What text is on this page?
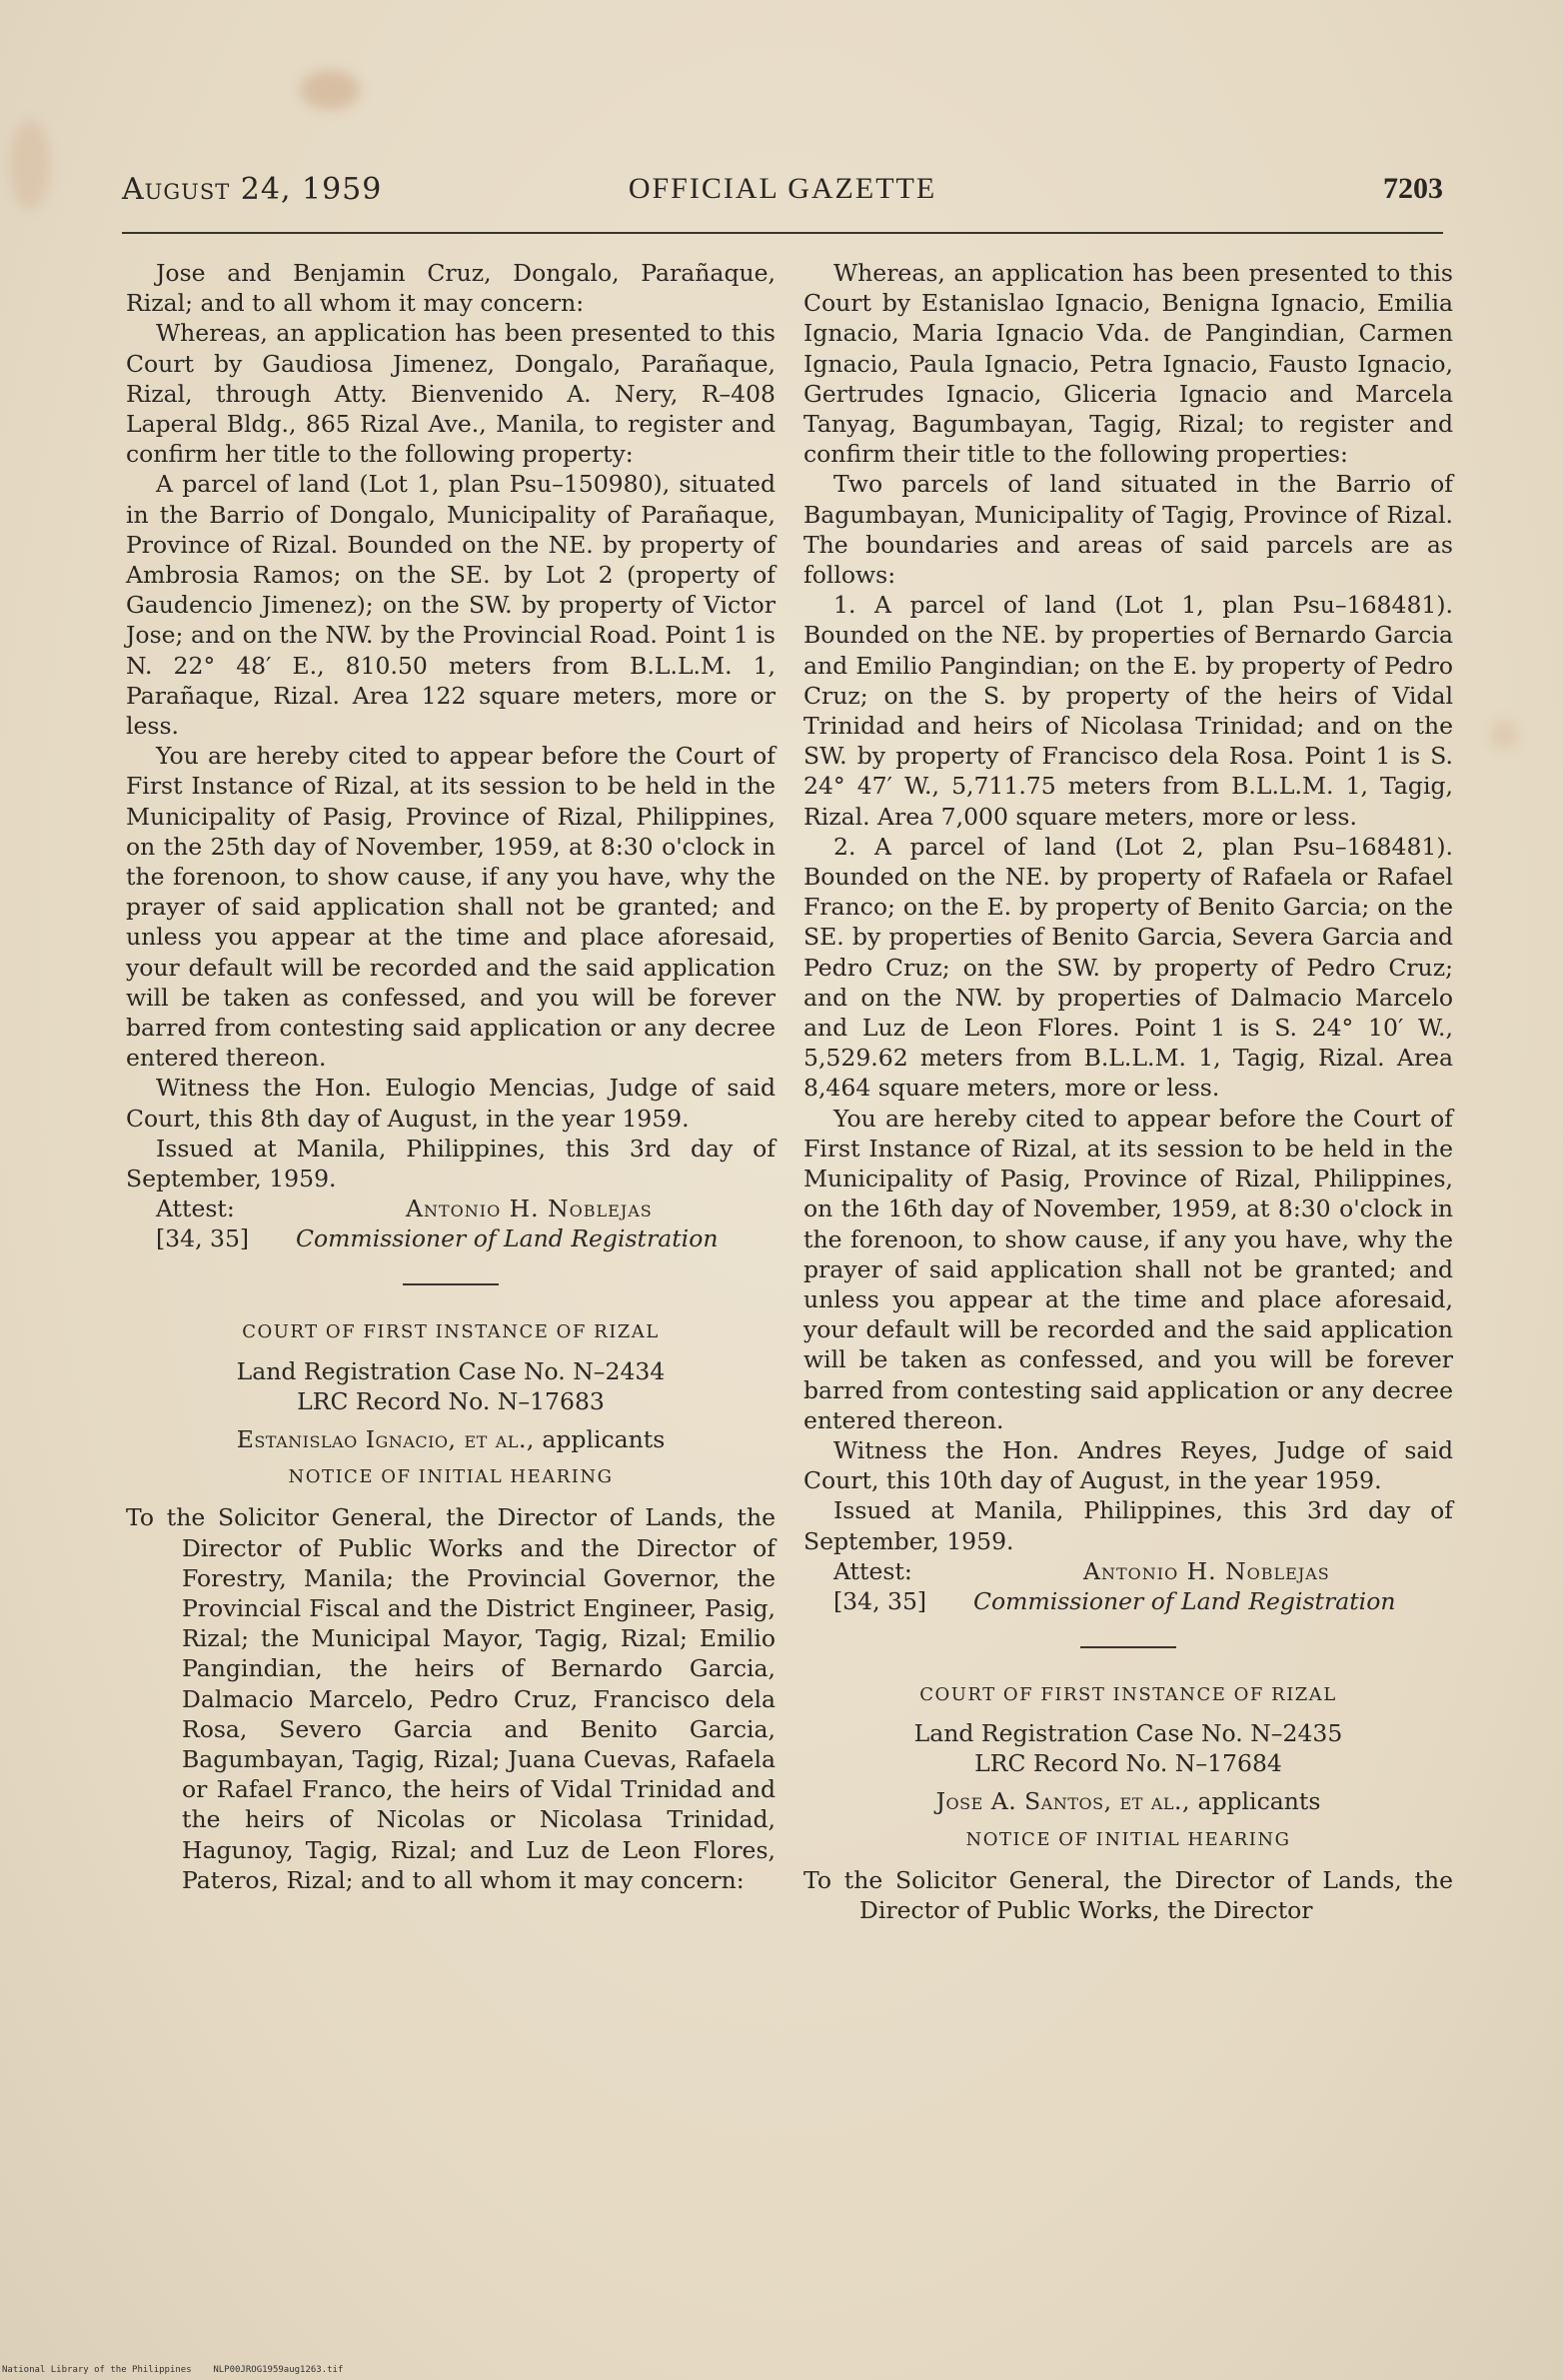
August 24, 1959	OFFICIAL GAZETTE	7203

Jose and Benjamin Cruz, Dongalo, Parañaque, Rizal; and to all whom it may concern:

Whereas, an application has been presented to this Court by Gaudiosa Jimenez, Dongalo, Parañaque, Rizal, through Atty. Bienvenido A. Nery, R–408 Laperal Bldg., 865 Rizal Ave., Manila, to register and confirm her title to the following property:

A parcel of land (Lot 1, plan Psu–150980), situated in the Barrio of Dongalo, Municipality of Parañaque, Province of Rizal. Bounded on the NE. by property of Ambrosia Ramos; on the SE. by Lot 2 (property of Gaudencio Jimenez); on the SW. by property of Victor Jose; and on the NW. by the Provincial Road. Point 1 is N. 22° 48′ E., 810.50 meters from B.L.L.M. 1, Parañaque, Rizal. Area 122 square meters, more or less.

You are hereby cited to appear before the Court of First Instance of Rizal, at its session to be held in the Municipality of Pasig, Province of Rizal, Philippines, on the 25th day of November, 1959, at 8:30 o'clock in the forenoon, to show cause, if any you have, why the prayer of said application shall not be granted; and unless you appear at the time and place aforesaid, your default will be recorded and the said application will be taken as confessed, and you will be forever barred from contesting said application or any decree entered thereon.

Witness the Hon. Eulogio Mencias, Judge of said Court, this 8th day of August, in the year 1959.

Issued at Manila, Philippines, this 3rd day of September, 1959.

Attest:	Antonio H. Noblejas
[34, 35] Commissioner of Land Registration

COURT OF FIRST INSTANCE OF RIZAL

Land Registration Case No. N–2434

LRC Record No. N–17683

Estanislao Ignacio, et al., applicants

NOTICE OF INITIAL HEARING

To the Solicitor General, the Director of Lands, the Director of Public Works and the Director of Forestry, Manila; the Provincial Governor, the Provincial Fiscal and the District Engineer, Pasig, Rizal; the Municipal Mayor, Tagig, Rizal; Emilio Pangindian, the heirs of Bernardo Garcia, Dalmacio Marcelo, Pedro Cruz, Francisco dela Rosa, Severo Garcia and Benito Garcia, Bagumbayan, Tagig, Rizal; Juana Cuevas, Rafaela or Rafael Franco, the heirs of Vidal Trinidad and the heirs of Nicolas or Nicolasa Trinidad, Hagunoy, Tagig, Rizal; and Luz de Leon Flores, Pateros, Rizal; and to all whom it may concern:

Whereas, an application has been presented to this Court by Estanislao Ignacio, Benigna Ignacio, Emilia Ignacio, Maria Ignacio Vda. de Pangindian, Carmen Ignacio, Paula Ignacio, Petra Ignacio, Fausto Ignacio, Gertrudes Ignacio, Gliceria Ignacio and Marcela Tanyag, Bagumbayan, Tagig, Rizal; to register and confirm their title to the following properties:

Two parcels of land situated in the Barrio of Bagumbayan, Municipality of Tagig, Province of Rizal. The boundaries and areas of said parcels are as follows:

1. A parcel of land (Lot 1, plan Psu–168481). Bounded on the NE. by properties of Bernardo Garcia and Emilio Pangindian; on the E. by property of Pedro Cruz; on the S. by property of the heirs of Vidal Trinidad and heirs of Nicolasa Trinidad; and on the SW. by property of Francisco dela Rosa. Point 1 is S. 24° 47′ W., 5,711.75 meters from B.L.L.M. 1, Tagig, Rizal. Area 7,000 square meters, more or less.

2. A parcel of land (Lot 2, plan Psu–168481). Bounded on the NE. by property of Rafaela or Rafael Franco; on the E. by property of Benito Garcia; on the SE. by properties of Benito Garcia, Severa Garcia and Pedro Cruz; on the SW. by property of Pedro Cruz; and on the NW. by properties of Dalmacio Marcelo and Luz de Leon Flores. Point 1 is S. 24° 10′ W., 5,529.62 meters from B.L.L.M. 1, Tagig, Rizal. Area 8,464 square meters, more or less.

You are hereby cited to appear before the Court of First Instance of Rizal, at its session to be held in the Municipality of Pasig, Province of Rizal, Philippines, on the 16th day of November, 1959, at 8:30 o'clock in the forenoon, to show cause, if any you have, why the prayer of said application shall not be granted; and unless you appear at the time and place aforesaid, your default will be recorded and the said application will be taken as confessed, and you will be forever barred from contesting said application or any decree entered thereon.

Witness the Hon. Andres Reyes, Judge of said Court, this 10th day of August, in the year 1959.

Issued at Manila, Philippines, this 3rd day of September, 1959.

Attest:	Antonio H. Noblejas
[34, 35] Commissioner of Land Registration

COURT OF FIRST INSTANCE OF RIZAL

Land Registration Case No. N–2435

LRC Record No. N–17684

Jose A. Santos, et al., applicants

NOTICE OF INITIAL HEARING

To the Solicitor General, the Director of Lands, the Director of Public Works, the Director

National Library of the Philippines NLP00JROG1959aug1263.tif
